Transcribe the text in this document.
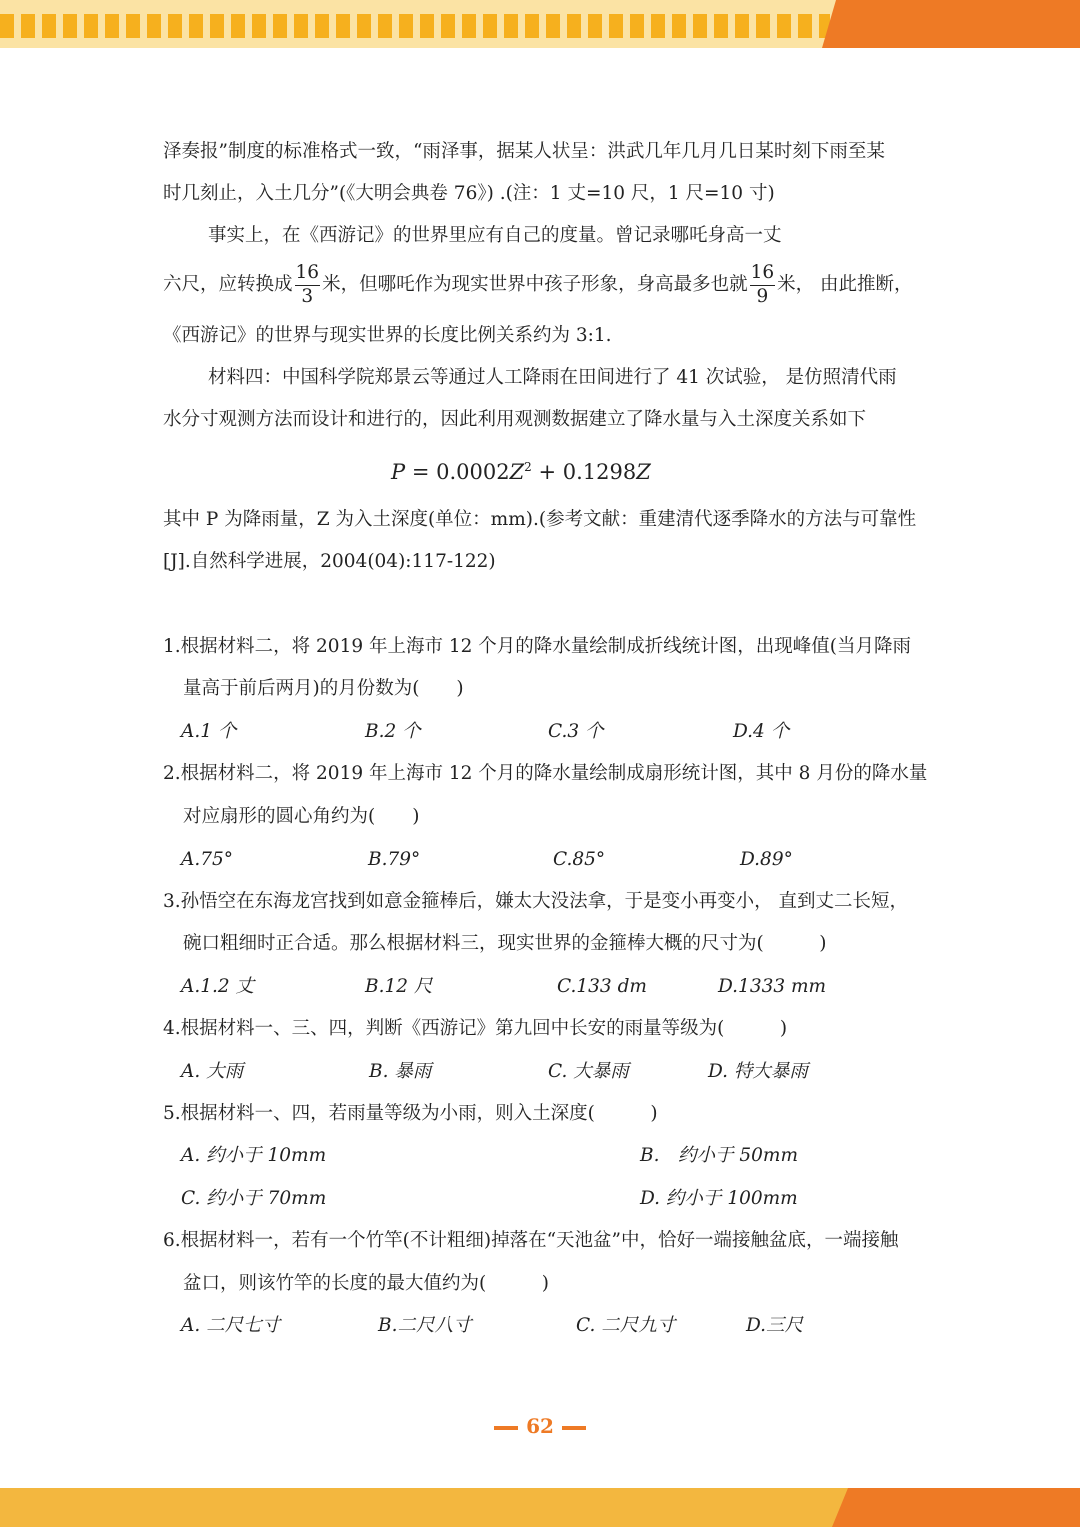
泽奏报”制度的标准格式一致，“雨泽事，据某人状呈：洪武几年几月几日某时刻下雨至某
时几刻止，入土几分”(《大明会典卷 76》) .(注：1 丈=10 尺，1 尺=10 寸)
事实上，在《西游记》的世界里应有自己的度量。曾记录哪吒身高一丈
六尺，应转换成 $\frac{16}{3}$ 米，但哪吒作为现实世界中孩子形象，身高最多也就 $\frac{16}{9}$ 米， 由此推断，
《西游记》的世界与现实世界的长度比例关系约为 3:1.
材料四：中国科学院郑景云等通过人工降雨在田间进行了 41 次试验， 是仿照清代雨
水分寸观测方法而设计和进行的，因此利用观测数据建立了降水量与入土深度关系如下
$P = 0.0002Z^2 + 0.1298Z$
其中 P 为降雨量，Z 为入土深度(单位：mm).(参考文献：重建清代逐季降水的方法与可靠性
[J].自然科学进展，2004(04):117-122)
1.根据材料二，将 2019 年上海市 12 个月的降水量绘制成折线统计图，出现峰值(当月降雨
量高于前后两月)的月份数为(　　)
A.1 个	B.2 个	C.3 个	D.4 个
2.根据材料二，将 2019 年上海市 12 个月的降水量绘制成扇形统计图，其中 8 月份的降水量
对应扇形的圆心角约为(　　)
A.75°	B.79°	C.85°	D.89°
3.孙悟空在东海龙宫找到如意金箍棒后，嫌太大没法拿，于是变小再变小， 直到丈二长短，
碗口粗细时正合适。那么根据材料三，现实世界的金箍棒大概的尺寸为(　　　)
A.1.2 丈	B.12 尺	C.133 dm	D.1333 mm
4.根据材料一、三、四，判断《西游记》第九回中长安的雨量等级为(　　　)
A. 大雨	B. 暴雨	C. 大暴雨	D. 特大暴雨
5.根据材料一、四，若雨量等级为小雨，则入土深度(　　　)
A. 约小于 10mm	B.　约小于 50mm
C. 约小于 70mm	D. 约小于 100mm
6.根据材料一，若有一个竹竿(不计粗细)掉落在“天池盆”中，恰好一端接触盆底，一端接触
盆口，则该竹竿的长度的最大值约为(　　　)
A. 二尺七寸	B.二尺八寸	C. 二尺九寸	D.三尺
62
